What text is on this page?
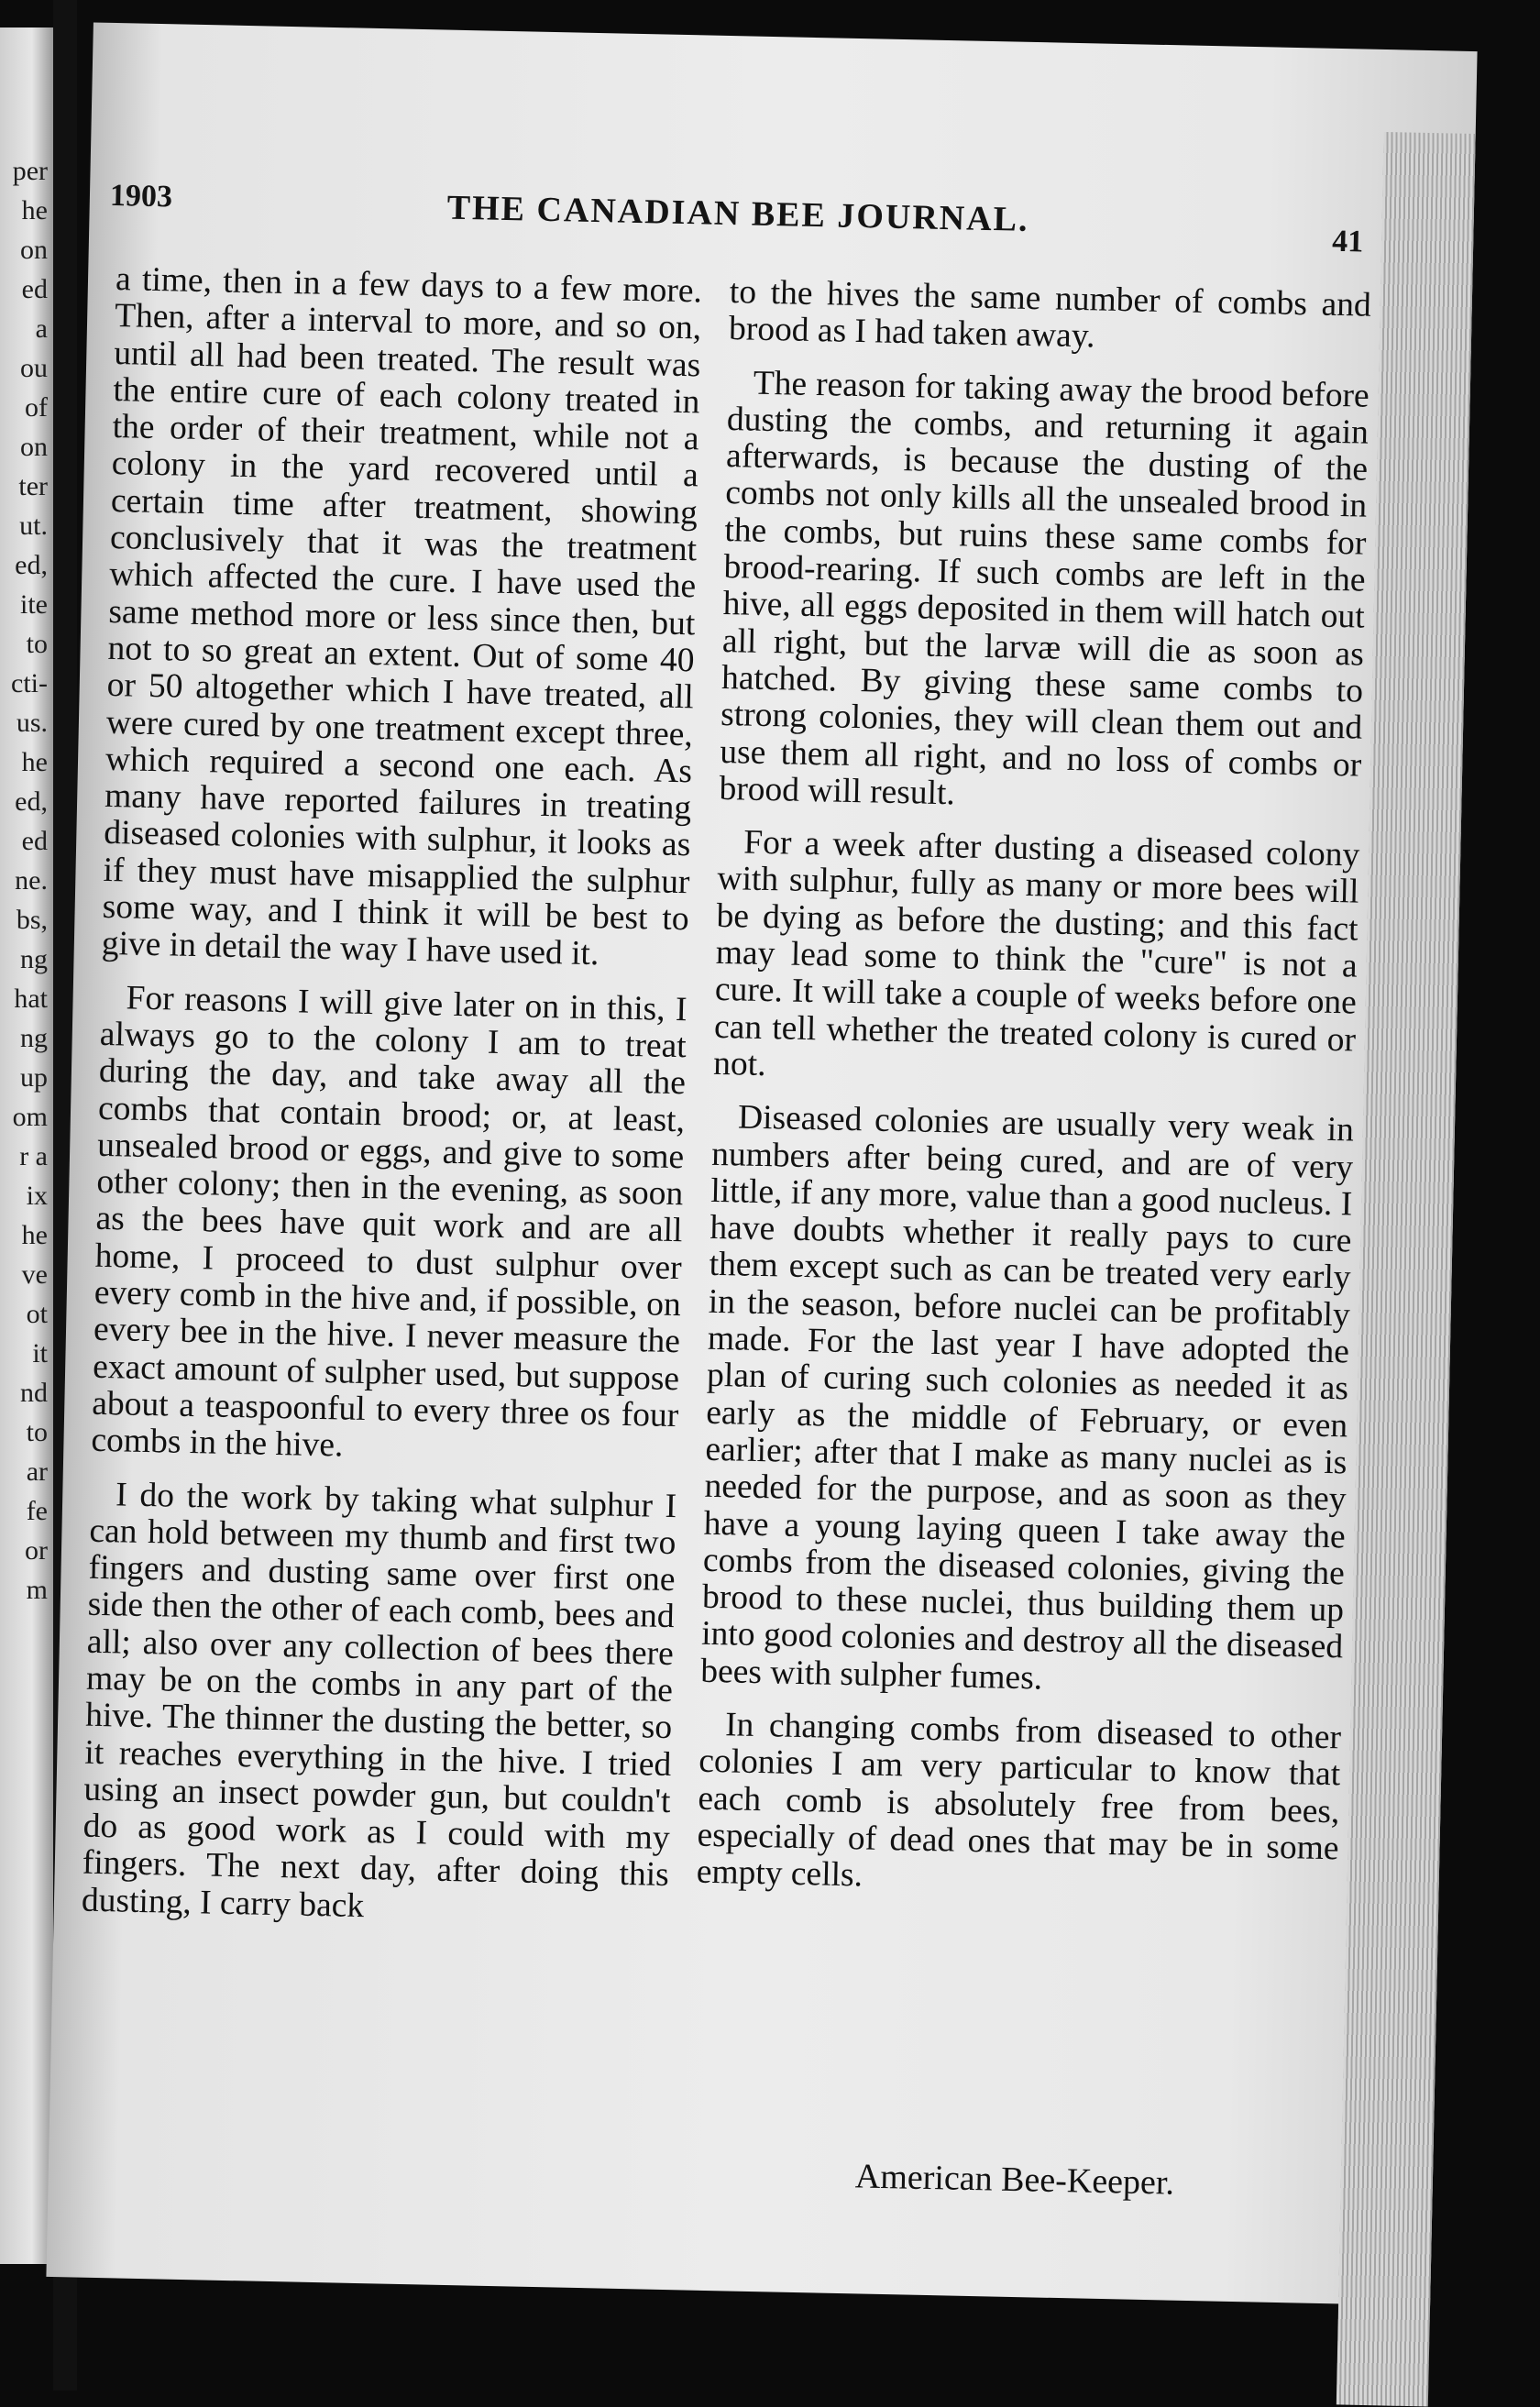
per
he
on
ed
a
ou
of
on
ter
ut.
ed,
ite
to
cti-
us.
he
ed,
ed
ne.
bs,
ng
hat
ng
up
om
r a
ix
he
ve
ot
it
nd
to
ar
fe
or
m
1903	THE CANADIAN BEE JOURNAL.
41

a time, then in a few days to a few more. Then, after a interval to more, and so on, until all had been treated. The result was the entire cure of each colony treated in the order of their treatment, while not a colony in the yard recovered until a certain time after treatment, showing conclusively that it was the treatment which affected the cure. I have used the same method more or less since then, but not to so great an extent. Out of some 40 or 50 altogether which I have treated, all were cured by one treatment except three, which required a second one each. As many have reported failures in treating diseased colonies with sulphur, it looks as if they must have misapplied the sulphur some way, and I think it will be best to give in detail the way I have used it.

For reasons I will give later on in this, I always go to the colony I am to treat during the day, and take away all the combs that contain brood; or, at least, unsealed brood or eggs, and give to some other colony; then in the evening, as soon as the bees have quit work and are all home, I proceed to dust sulphur over every comb in the hive and, if possible, on every bee in the hive. I never measure the exact amount of sulpher used, but suppose about a teaspoonful to every three os four combs in the hive.

I do the work by taking what sulphur I can hold between my thumb and first two fingers and dusting same over first one side then the other of each comb, bees and all; also over any collection of bees there may be on the combs in any part of the hive. The thinner the dusting the better, so it reaches everything in the hive. I tried using an insect powder gun, but couldn't do as good work as I could with my fingers. The next day, after doing this dusting, I carry back

to the hives the same number of combs and brood as I had taken away.

The reason for taking away the brood before dusting the combs, and returning it again afterwards, is because the dusting of the combs not only kills all the unsealed brood in the combs, but ruins these same combs for brood-rearing. If such combs are left in the hive, all eggs deposited in them will hatch out all right, but the larvæ will die as soon as hatched. By giving these same combs to strong colonies, they will clean them out and use them all right, and no loss of combs or brood will result.

For a week after dusting a diseased colony with sulphur, fully as many or more bees will be dying as before the dusting; and this fact may lead some to think the "cure" is not a cure. It will take a couple of weeks before one can tell whether the treated colony is cured or not.

Diseased colonies are usually very weak in numbers after being cured, and are of very little, if any more, value than a good nucleus. I have doubts whether it really pays to cure them except such as can be treated very early in the season, before nuclei can be profitably made. For the last year I have adopted the plan of curing such colonies as needed it as early as the middle of February, or even earlier; after that I make as many nuclei as is needed for the purpose, and as soon as they have a young laying queen I take away the combs from the diseased colonies, giving the brood to these nuclei, thus building them up into good colonies and destroy all the diseased bees with sulpher fumes.

In changing combs from diseased to other colonies I am very particular to know that each comb is absolutely free from bees, especially of dead ones that may be in some empty cells.

American Bee-Keeper.
